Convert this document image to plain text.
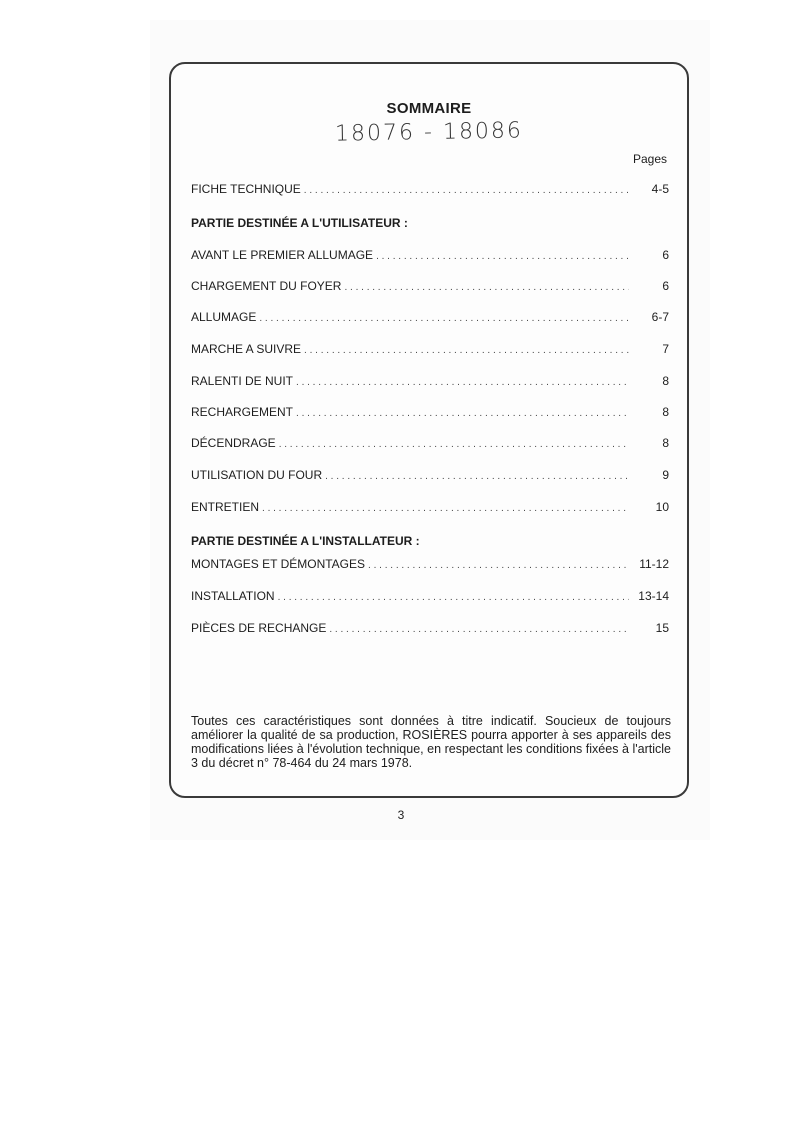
SOMMAIRE
18076 - 18086
Pages
FICHE TECHNIQUE . . .	4-5
PARTIE DESTINÉE A L'UTILISATEUR :
AVANT LE PREMIER ALLUMAGE . . .	6
CHARGEMENT DU FOYER . . .	6
ALLUMAGE . . .	6-7
MARCHE A SUIVRE . . .	7
RALENTI DE NUIT . . .	8
RECHARGEMENT . . .	8
DÉCENDRAGE . . .	8
UTILISATION DU FOUR . . .	9
ENTRETIEN . . .	10
PARTIE DESTINÉE A L'INSTALLATEUR :
MONTAGES ET DÉMONTAGES . . .	11-12
INSTALLATION . . .	13-14
PIÈCES DE RECHANGE . . .	15
Toutes ces caractéristiques sont données à titre indicatif. Soucieux de toujours améliorer la qualité de sa production, ROSIÈRES pourra apporter à ses appareils des modifications liées à l'évolution technique, en respectant les conditions fixées à l'article 3 du décret n° 78-464 du 24 mars 1978.
3
